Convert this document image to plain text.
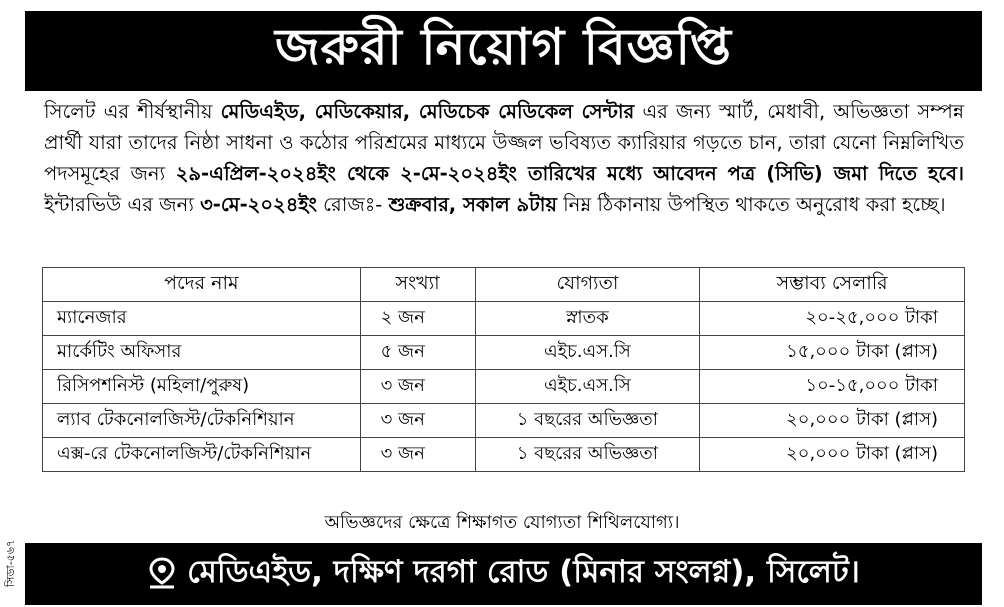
সিডা-৫৬৭
জরুরী নিয়োগ বিজ্ঞপ্তি
সিলেট এর শীর্ষস্থানীয় মেডিএইড, মেডিকেয়ার, মেডিচেক মেডিকেল সেন্টার এর জন্য স্মার্ট, মেধাবী, অভিজ্ঞতা সম্পন্ন প্রার্থী যারা তাদের নিষ্ঠা সাধনা ও কঠোর পরিশ্রমের মাধ্যমে উজ্জল ভবিষ্যত ক্যারিয়ার গড়তে চান, তারা যেনো নিম্নলিখিত পদসমূহের জন্য ২৯-এপ্রিল-২০২৪ইং থেকে ২-মে-২০২৪ইং তারিখের মধ্যে আবেদন পত্র (সিভি) জমা দিতে হবে। ইন্টারভিউ এর জন্য ৩-মে-২০২৪ইং রোজঃ- শুক্রবার, সকাল ৯টায় নিম্ন ঠিকানায় উপস্থিত থাকতে অনুরোধ করা হচ্ছে।
পদের নাম	সংখ্যা	যোগ্যতা	সম্ভাব্য সেলারি
ম্যানেজার	২ জন	স্নাতক	২০-২৫,০০০ টাকা
মার্কেটিং অফিসার	৫ জন	এইচ.এস.সি	১৫,০০০ টাকা (প্লাস)
রিসিপশনিস্ট (মহিলা/পুরুষ)	৩ জন	এইচ.এস.সি	১০-১৫,০০০ টাকা
ল্যাব টেকনোলজিস্ট/টেকনিশিয়ান	৩ জন	১ বছরের অভিজ্ঞতা	২০,০০০ টাকা (প্লাস)
এক্স-রে টেকনোলজিস্ট/টেকনিশিয়ান	৩ জন	১ বছরের অভিজ্ঞতা	২০,০০০ টাকা (প্লাস)
অভিজ্ঞদের ক্ষেত্রে শিক্ষাগত যোগ্যতা শিথিলযোগ্য।
মেডিএইড, দক্ষিণ দরগা রোড (মিনার সংলগ্ন), সিলেট।
